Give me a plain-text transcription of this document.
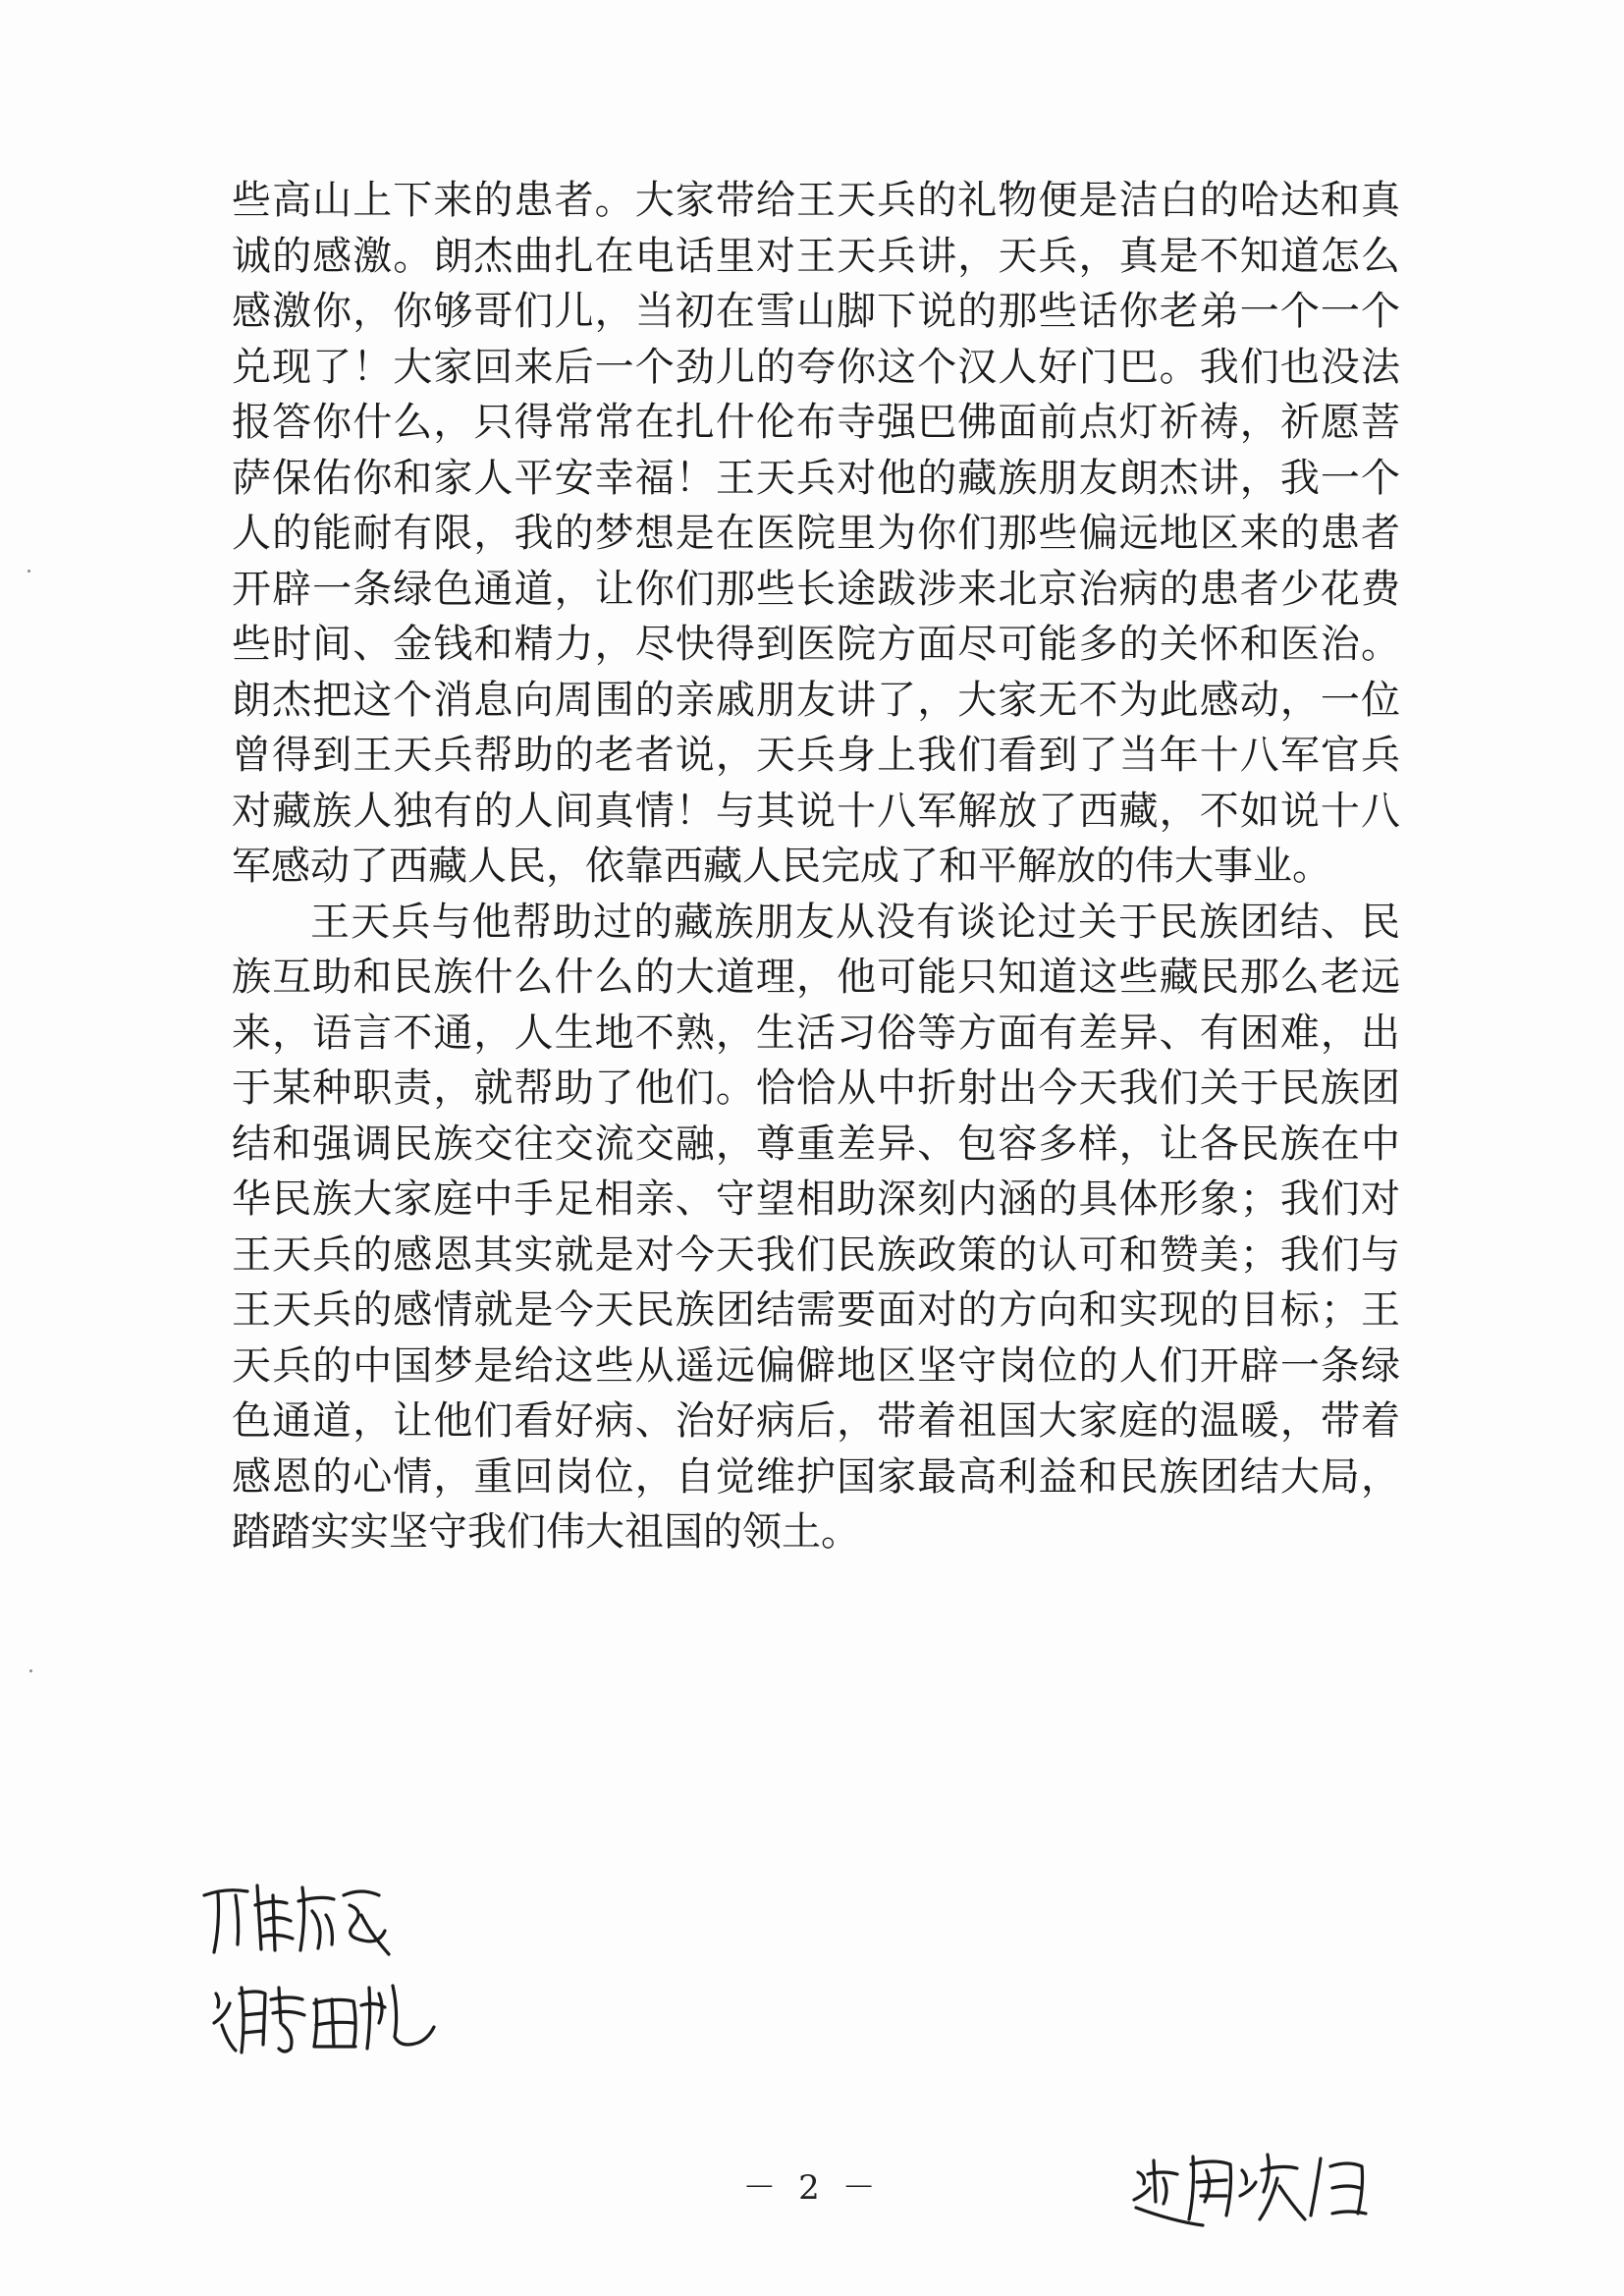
些高山上下来的患者。大家带给王天兵的礼物便是洁白的哈达和真诚的感激。朗杰曲扎在电话里对王天兵讲，天兵，真是不知道怎么感激你，你够哥们儿，当初在雪山脚下说的那些话你老弟一个一个兑现了！大家回来后一个劲儿的夸你这个汉人好门巴。我们也没法报答你什么，只得常常在扎什伦布寺强巴佛面前点灯祈祷，祈愿菩萨保佑你和家人平安幸福！王天兵对他的藏族朋友朗杰讲，我一个人的能耐有限，我的梦想是在医院里为你们那些偏远地区来的患者开辟一条绿色通道，让你们那些长途跋涉来北京治病的患者少花费些时间、金钱和精力，尽快得到医院方面尽可能多的关怀和医治。朗杰把这个消息向周围的亲戚朋友讲了，大家无不为此感动，一位曾得到王天兵帮助的老者说，天兵身上我们看到了当年十八军官兵对藏族人独有的人间真情！与其说十八军解放了西藏，不如说十八军感动了西藏人民，依靠西藏人民完成了和平解放的伟大事业。

王天兵与他帮助过的藏族朋友从没有谈论过关于民族团结、民族互助和民族什么什么的大道理，他可能只知道这些藏民那么老远来，语言不通，人生地不熟，生活习俗等方面有差异、有困难，出于某种职责，就帮助了他们。恰恰从中折射出今天我们关于民族团结和强调民族交往交流交融，尊重差异、包容多样，让各民族在中华民族大家庭中手足相亲、守望相助深刻内涵的具体形象；我们对王天兵的感恩其实就是对今天我们民族政策的认可和赞美；我们与王天兵的感情就是今天民族团结需要面对的方向和实现的目标；王天兵的中国梦是给这些从遥远偏僻地区坚守岗位的人们开辟一条绿色通道，让他们看好病、治好病后，带着祖国大家庭的温暖，带着感恩的心情，重回岗位，自觉维护国家最高利益和民族团结大局，踏踏实实坚守我们伟大祖国的领土。

－ 2 －
